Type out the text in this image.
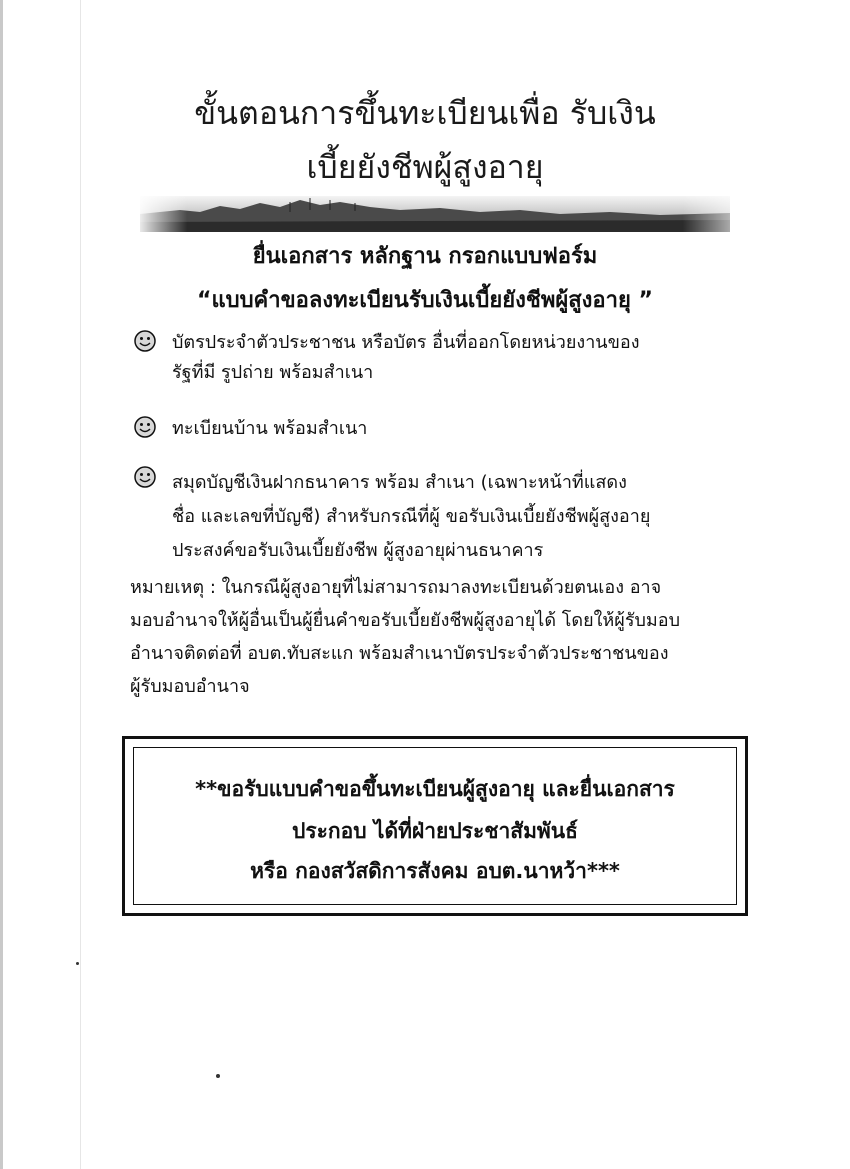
ขั้นตอนการขึ้นทะเบียนเพื่อ รับเงิน
เบี้ยยังชีพผู้สูงอายุ
ยื่นเอกสาร หลักฐาน กรอกแบบฟอร์ม
“แบบคำขอลงทะเบียนรับเงินเบี้ยยังชีพผู้สูงอายุ ”
บัตรประจำตัวประชาชน หรือบัตร อื่นที่ออกโดยหน่วยงานของ
รัฐที่มี รูปถ่าย พร้อมสำเนา
ทะเบียนบ้าน พร้อมสำเนา
สมุดบัญชีเงินฝากธนาคาร พร้อม สำเนา (เฉพาะหน้าที่แสดง
ชื่อ และเลขที่บัญชี) สำหรับกรณีที่ผู้ ขอรับเงินเบี้ยยังชีพผู้สูงอายุ
ประสงค์ขอรับเงินเบี้ยยังชีพ ผู้สูงอายุผ่านธนาคาร
หมายเหตุ : ในกรณีผู้สูงอายุที่ไม่สามารถมาลงทะเบียนด้วยตนเอง อาจ
มอบอำนาจให้ผู้อื่นเป็นผู้ยื่นคำขอรับเบี้ยยังชีพผู้สูงอายุได้ โดยให้ผู้รับมอบ
อำนาจติดต่อที่ อบต.ทับสะแก พร้อมสำเนาบัตรประจำตัวประชาชนของ
ผู้รับมอบอำนาจ
**ขอรับแบบคำขอขึ้นทะเบียนผู้สูงอายุ และยื่นเอกสาร
ประกอบ ได้ที่ฝ่ายประชาสัมพันธ์
หรือ กองสวัสดิการสังคม อบต.นาหว้า***
